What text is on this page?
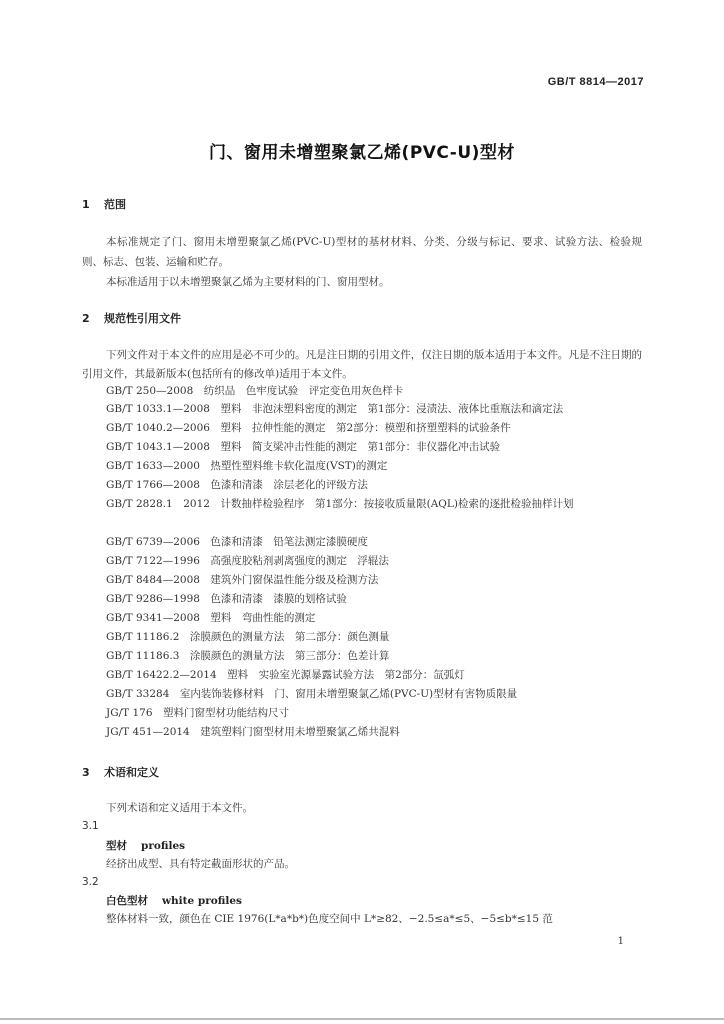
GB/T 8814—2017
门、窗用未增塑聚氯乙烯(PVC-U)型材
1 范围
本标准规定了门、窗用未增塑聚氯乙烯(PVC-U)型材的基材材料、分类、分级与标记、要求、试验方法、检验规则、标志、包装、运输和贮存。
本标准适用于以未增塑聚氯乙烯为主要材料的门、窗用型材。
2 规范性引用文件
下列文件对于本文件的应用是必不可少的。凡是注日期的引用文件，仅注日期的版本适用于本文件。凡是不注日期的引用文件，其最新版本(包括所有的修改单)适用于本文件。
GB/T 250—2008　纺织品　色牢度试验　评定变色用灰色样卡
GB/T 1033.1—2008　塑料　非泡沫塑料密度的测定　第1部分：浸渍法、液体比重瓶法和滴定法
GB/T 1040.2—2006　塑料　拉伸性能的测定　第2部分：模塑和挤塑塑料的试验条件
GB/T 1043.1—2008　塑料　简支梁冲击性能的测定　第1部分：非仪器化冲击试验
GB/T 1633—2000　热塑性塑料维卡软化温度(VST)的测定
GB/T 1766—2008　色漆和清漆　涂层老化的评级方法
GB/T 2828.1　2012　计数抽样检验程序　第1部分：按接收质量限(AQL)检索的逐批检验抽样计划
GB/T 6739—2006　色漆和清漆　铅笔法测定漆膜硬度
GB/T 7122—1996　高强度胶粘剂剥离强度的测定　浮辊法
GB/T 8484—2008　建筑外门窗保温性能分级及检测方法
GB/T 9286—1998　色漆和清漆　漆膜的划格试验
GB/T 9341—2008　塑料　弯曲性能的测定
GB/T 11186.2　涂膜颜色的测量方法　第二部分：颜色测量
GB/T 11186.3　涂膜颜色的测量方法　第三部分：色差计算
GB/T 16422.2—2014　塑料　实验室光源暴露试验方法　第2部分：氙弧灯
GB/T 33284　室内装饰装修材料　门、窗用未增塑聚氯乙烯(PVC-U)型材有害物质限量
JG/T 176　塑料门窗型材功能结构尺寸
JG/T 451—2014　建筑塑料门窗型材用未增塑聚氯乙烯共混料
3 术语和定义
下列术语和定义适用于本文件。
3.1
型材 profiles
经挤出成型、具有特定截面形状的产品。
3.2
白色型材 white profiles
整体材料一致，颜色在 CIE 1976(L*a*b*)色度空间中 L*≥82、−2.5≤a*≤5、−5≤b*≤15 范
1
